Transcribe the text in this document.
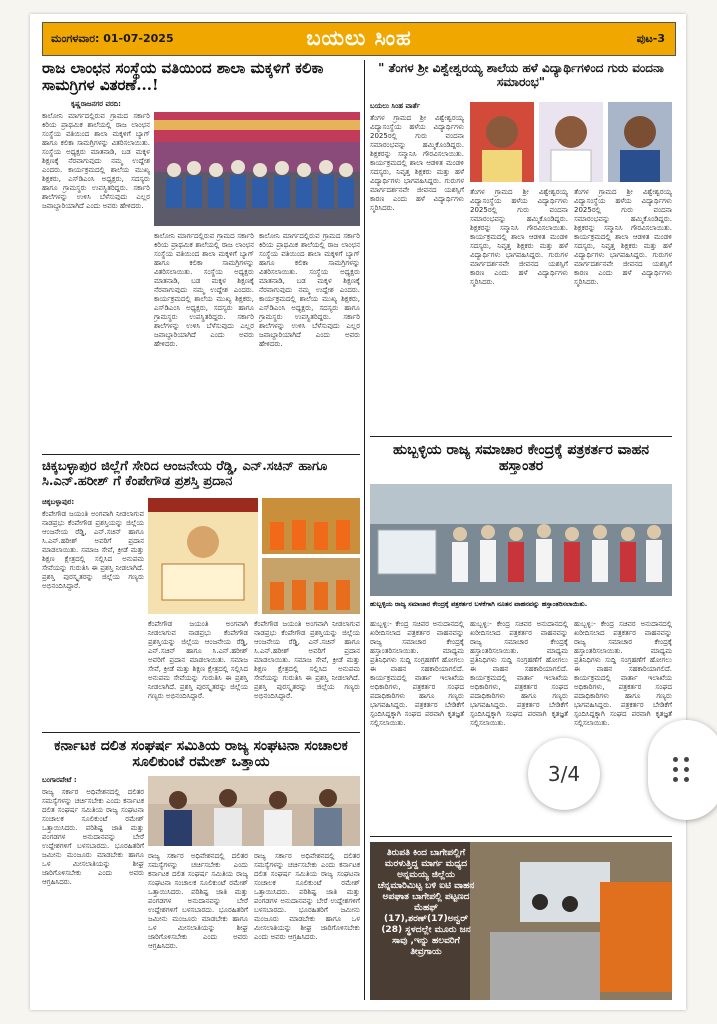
ಮಂಗಳವಾರ: 01-07-2025	ಬಯಲು ಸಿಂಹ	ಪುಟ-3
ರಾಜ ಲಾಂಛನ ಸಂಸ್ಥೆಯ ವತಿಯಿಂದ ಶಾಲಾ ಮಕ್ಕಳಿಗೆ ಕಲಿಕಾ ಸಾಮಗ್ರಿಗಳ ವಿತರಣೆ...!

ಕೃಷ್ಣರಾಜನಗರ ವರದಿ:

ಕಾಲೋನಿ ಮಾರ್ಗದಲ್ಲಿರುವ ಗ್ರಾಮದ ಸರ್ಕಾರಿ ಕಿರಿಯ ಪ್ರಾಥಮಿಕ ಶಾಲೆಯಲ್ಲಿ ರಾಜ ಲಾಂಛನ ಸಂಸ್ಥೆಯ ವತಿಯಿಂದ ಶಾಲಾ ಮಕ್ಕಳಿಗೆ ಬ್ಯಾಗ್ ಹಾಗೂ ಕಲಿಕಾ ಸಾಮಗ್ರಿಗಳನ್ನು ವಿತರಿಸಲಾಯಿತು. ಸಂಸ್ಥೆಯ ಅಧ್ಯಕ್ಷರು ಮಾತನಾಡಿ, ಬಡ ಮಕ್ಕಳ ಶಿಕ್ಷಣಕ್ಕೆ ನೆರವಾಗುವುದು ನಮ್ಮ ಉದ್ದೇಶ ಎಂದರು. ಕಾರ್ಯಕ್ರಮದಲ್ಲಿ ಶಾಲೆಯ ಮುಖ್ಯ ಶಿಕ್ಷಕರು, ಎಸ್‌ಡಿಎಂಸಿ ಅಧ್ಯಕ್ಷರು, ಸದಸ್ಯರು ಹಾಗೂ ಗ್ರಾಮಸ್ಥರು ಉಪಸ್ಥಿತರಿದ್ದರು. ಸರ್ಕಾರಿ ಶಾಲೆಗಳನ್ನು ಉಳಿಸಿ ಬೆಳೆಸುವುದು ಎಲ್ಲರ ಜವಾಬ್ದಾರಿಯಾಗಿದೆ ಎಂದು ಅವರು ಹೇಳಿದರು.

ಕಾಲೋನಿ ಮಾರ್ಗದಲ್ಲಿರುವ ಗ್ರಾಮದ ಸರ್ಕಾರಿ ಕಿರಿಯ ಪ್ರಾಥಮಿಕ ಶಾಲೆಯಲ್ಲಿ ರಾಜ ಲಾಂಛನ ಸಂಸ್ಥೆಯ ವತಿಯಿಂದ ಶಾಲಾ ಮಕ್ಕಳಿಗೆ ಬ್ಯಾಗ್ ಹಾಗೂ ಕಲಿಕಾ ಸಾಮಗ್ರಿಗಳನ್ನು ವಿತರಿಸಲಾಯಿತು. ಸಂಸ್ಥೆಯ ಅಧ್ಯಕ್ಷರು ಮಾತನಾಡಿ, ಬಡ ಮಕ್ಕಳ ಶಿಕ್ಷಣಕ್ಕೆ ನೆರವಾಗುವುದು ನಮ್ಮ ಉದ್ದೇಶ ಎಂದರು. ಕಾರ್ಯಕ್ರಮದಲ್ಲಿ ಶಾಲೆಯ ಮುಖ್ಯ ಶಿಕ್ಷಕರು, ಎಸ್‌ಡಿಎಂಸಿ ಅಧ್ಯಕ್ಷರು, ಸದಸ್ಯರು ಹಾಗೂ ಗ್ರಾಮಸ್ಥರು ಉಪಸ್ಥಿತರಿದ್ದರು. ಸರ್ಕಾರಿ ಶಾಲೆಗಳನ್ನು ಉಳಿಸಿ ಬೆಳೆಸುವುದು ಎಲ್ಲರ ಜವಾಬ್ದಾರಿಯಾಗಿದೆ ಎಂದು ಅವರು ಹೇಳಿದರು.
ಕಾಲೋನಿ ಮಾರ್ಗದಲ್ಲಿರುವ ಗ್ರಾಮದ ಸರ್ಕಾರಿ ಕಿರಿಯ ಪ್ರಾಥಮಿಕ ಶಾಲೆಯಲ್ಲಿ ರಾಜ ಲಾಂಛನ ಸಂಸ್ಥೆಯ ವತಿಯಿಂದ ಶಾಲಾ ಮಕ್ಕಳಿಗೆ ಬ್ಯಾಗ್ ಹಾಗೂ ಕಲಿಕಾ ಸಾಮಗ್ರಿಗಳನ್ನು ವಿತರಿಸಲಾಯಿತು. ಸಂಸ್ಥೆಯ ಅಧ್ಯಕ್ಷರು ಮಾತನಾಡಿ, ಬಡ ಮಕ್ಕಳ ಶಿಕ್ಷಣಕ್ಕೆ ನೆರವಾಗುವುದು ನಮ್ಮ ಉದ್ದೇಶ ಎಂದರು. ಕಾರ್ಯಕ್ರಮದಲ್ಲಿ ಶಾಲೆಯ ಮುಖ್ಯ ಶಿಕ್ಷಕರು, ಎಸ್‌ಡಿಎಂಸಿ ಅಧ್ಯಕ್ಷರು, ಸದಸ್ಯರು ಹಾಗೂ ಗ್ರಾಮಸ್ಥರು ಉಪಸ್ಥಿತರಿದ್ದರು. ಸರ್ಕಾರಿ ಶಾಲೆಗಳನ್ನು ಉಳಿಸಿ ಬೆಳೆಸುವುದು ಎಲ್ಲರ ಜವಾಬ್ದಾರಿಯಾಗಿದೆ ಎಂದು ಅವರು ಹೇಳಿದರು.
" ತೆಂಗಳ ಶ್ರೀ ವಿಶ್ವೇಶ್ವರಯ್ಯ ಶಾಲೆಯ ಹಳೆ ವಿದ್ಯಾರ್ಥಿಗಳಿಂದ ಗುರು ವಂದನಾ ಸಮಾರಂಭ"

ಬಯಲು ಸಿಂಹ ವಾರ್ತೆ

ತೆಂಗಳ ಗ್ರಾಮದ ಶ್ರೀ ವಿಶ್ವೇಶ್ವರಯ್ಯ ವಿದ್ಯಾಸಂಸ್ಥೆಯ ಹಳೆಯ ವಿದ್ಯಾರ್ಥಿಗಳು 2025ರಲ್ಲಿ ಗುರು ವಂದನಾ ಸಮಾರಂಭವನ್ನು ಹಮ್ಮಿಕೊಂಡಿದ್ದರು. ಶಿಕ್ಷಕರನ್ನು ಸನ್ಮಾನಿಸಿ ಗೌರವಿಸಲಾಯಿತು. ಕಾರ್ಯಕ್ರಮದಲ್ಲಿ ಶಾಲಾ ಆಡಳಿತ ಮಂಡಳಿ ಸದಸ್ಯರು, ನಿವೃತ್ತ ಶಿಕ್ಷಕರು ಮತ್ತು ಹಳೆ ವಿದ್ಯಾರ್ಥಿಗಳು ಭಾಗವಹಿಸಿದ್ದರು. ಗುರುಗಳ ಮಾರ್ಗದರ್ಶನವೇ ಜೀವನದ ಯಶಸ್ಸಿಗೆ ಕಾರಣ ಎಂದು ಹಳೆ ವಿದ್ಯಾರ್ಥಿಗಳು ಸ್ಮರಿಸಿದರು.

ತೆಂಗಳ ಗ್ರಾಮದ ಶ್ರೀ ವಿಶ್ವೇಶ್ವರಯ್ಯ ವಿದ್ಯಾಸಂಸ್ಥೆಯ ಹಳೆಯ ವಿದ್ಯಾರ್ಥಿಗಳು 2025ರಲ್ಲಿ ಗುರು ವಂದನಾ ಸಮಾರಂಭವನ್ನು ಹಮ್ಮಿಕೊಂಡಿದ್ದರು. ಶಿಕ್ಷಕರನ್ನು ಸನ್ಮಾನಿಸಿ ಗೌರವಿಸಲಾಯಿತು. ಕಾರ್ಯಕ್ರಮದಲ್ಲಿ ಶಾಲಾ ಆಡಳಿತ ಮಂಡಳಿ ಸದಸ್ಯರು, ನಿವೃತ್ತ ಶಿಕ್ಷಕರು ಮತ್ತು ಹಳೆ ವಿದ್ಯಾರ್ಥಿಗಳು ಭಾಗವಹಿಸಿದ್ದರು. ಗುರುಗಳ ಮಾರ್ಗದರ್ಶನವೇ ಜೀವನದ ಯಶಸ್ಸಿಗೆ ಕಾರಣ ಎಂದು ಹಳೆ ವಿದ್ಯಾರ್ಥಿಗಳು ಸ್ಮರಿಸಿದರು.
ತೆಂಗಳ ಗ್ರಾಮದ ಶ್ರೀ ವಿಶ್ವೇಶ್ವರಯ್ಯ ವಿದ್ಯಾಸಂಸ್ಥೆಯ ಹಳೆಯ ವಿದ್ಯಾರ್ಥಿಗಳು 2025ರಲ್ಲಿ ಗುರು ವಂದನಾ ಸಮಾರಂಭವನ್ನು ಹಮ್ಮಿಕೊಂಡಿದ್ದರು. ಶಿಕ್ಷಕರನ್ನು ಸನ್ಮಾನಿಸಿ ಗೌರವಿಸಲಾಯಿತು. ಕಾರ್ಯಕ್ರಮದಲ್ಲಿ ಶಾಲಾ ಆಡಳಿತ ಮಂಡಳಿ ಸದಸ್ಯರು, ನಿವೃತ್ತ ಶಿಕ್ಷಕರು ಮತ್ತು ಹಳೆ ವಿದ್ಯಾರ್ಥಿಗಳು ಭಾಗವಹಿಸಿದ್ದರು. ಗುರುಗಳ ಮಾರ್ಗದರ್ಶನವೇ ಜೀವನದ ಯಶಸ್ಸಿಗೆ ಕಾರಣ ಎಂದು ಹಳೆ ವಿದ್ಯಾರ್ಥಿಗಳು ಸ್ಮರಿಸಿದರು.
ಚಿಕ್ಕಬಳ್ಳಾಪುರ ಜಿಲ್ಲೆಗೆ ಸೇರಿದ ಆಂಜನೇಯ ರೆಡ್ಡಿ, ಎನ್.ಸಚಿನ್ ಹಾಗೂ ಸಿ.ಎನ್.ಹರೀಶ್ ಗೆ ಕೆಂಪೇಗೌಡ ಪ್ರಶಸ್ತಿ ಪ್ರದಾನ

ಚಿಕ್ಕಬಳ್ಳಾಪುರ:

ಕೆಂಪೇಗೌಡ ಜಯಂತಿ ಅಂಗವಾಗಿ ನೀಡಲಾಗುವ ನಾಡಪ್ರಭು ಕೆಂಪೇಗೌಡ ಪ್ರಶಸ್ತಿಯನ್ನು ಜಿಲ್ಲೆಯ ಆಂಜನೇಯ ರೆಡ್ಡಿ, ಎನ್.ಸಚಿನ್ ಹಾಗೂ ಸಿ.ಎನ್.ಹರೀಶ್ ಅವರಿಗೆ ಪ್ರದಾನ ಮಾಡಲಾಯಿತು. ಸಮಾಜ ಸೇವೆ, ಕ್ರೀಡೆ ಮತ್ತು ಶಿಕ್ಷಣ ಕ್ಷೇತ್ರದಲ್ಲಿ ಸಲ್ಲಿಸಿದ ಅನುಪಮ ಸೇವೆಯನ್ನು ಗುರುತಿಸಿ ಈ ಪ್ರಶಸ್ತಿ ನೀಡಲಾಗಿದೆ. ಪ್ರಶಸ್ತಿ ಪುರಸ್ಕೃತರನ್ನು ಜಿಲ್ಲೆಯ ಗಣ್ಯರು ಅಭಿನಂದಿಸಿದ್ದಾರೆ.

ಕೆಂಪೇಗೌಡ ಜಯಂತಿ ಅಂಗವಾಗಿ ನೀಡಲಾಗುವ ನಾಡಪ್ರಭು ಕೆಂಪೇಗೌಡ ಪ್ರಶಸ್ತಿಯನ್ನು ಜಿಲ್ಲೆಯ ಆಂಜನೇಯ ರೆಡ್ಡಿ, ಎನ್.ಸಚಿನ್ ಹಾಗೂ ಸಿ.ಎನ್.ಹರೀಶ್ ಅವರಿಗೆ ಪ್ರದಾನ ಮಾಡಲಾಯಿತು. ಸಮಾಜ ಸೇವೆ, ಕ್ರೀಡೆ ಮತ್ತು ಶಿಕ್ಷಣ ಕ್ಷೇತ್ರದಲ್ಲಿ ಸಲ್ಲಿಸಿದ ಅನುಪಮ ಸೇವೆಯನ್ನು ಗುರುತಿಸಿ ಈ ಪ್ರಶಸ್ತಿ ನೀಡಲಾಗಿದೆ. ಪ್ರಶಸ್ತಿ ಪುರಸ್ಕೃತರನ್ನು ಜಿಲ್ಲೆಯ ಗಣ್ಯರು ಅಭಿನಂದಿಸಿದ್ದಾರೆ.
ಕೆಂಪೇಗೌಡ ಜಯಂತಿ ಅಂಗವಾಗಿ ನೀಡಲಾಗುವ ನಾಡಪ್ರಭು ಕೆಂಪೇಗೌಡ ಪ್ರಶಸ್ತಿಯನ್ನು ಜಿಲ್ಲೆಯ ಆಂಜನೇಯ ರೆಡ್ಡಿ, ಎನ್.ಸಚಿನ್ ಹಾಗೂ ಸಿ.ಎನ್.ಹರೀಶ್ ಅವರಿಗೆ ಪ್ರದಾನ ಮಾಡಲಾಯಿತು. ಸಮಾಜ ಸೇವೆ, ಕ್ರೀಡೆ ಮತ್ತು ಶಿಕ್ಷಣ ಕ್ಷೇತ್ರದಲ್ಲಿ ಸಲ್ಲಿಸಿದ ಅನುಪಮ ಸೇವೆಯನ್ನು ಗುರುತಿಸಿ ಈ ಪ್ರಶಸ್ತಿ ನೀಡಲಾಗಿದೆ. ಪ್ರಶಸ್ತಿ ಪುರಸ್ಕೃತರನ್ನು ಜಿಲ್ಲೆಯ ಗಣ್ಯರು ಅಭಿನಂದಿಸಿದ್ದಾರೆ.
ಹುಬ್ಬಳ್ಳಿಯ ರಾಜ್ಯ ಸಮಾಚಾರ ಕೇಂದ್ರಕ್ಕೆ ಪತ್ರಕರ್ತರ ವಾಹನ ಹಸ್ತಾಂತರ
ಹುಬ್ಬಳ್ಳಿಯ ರಾಜ್ಯ ಸಮಾಚಾರ ಕೇಂದ್ರಕ್ಕೆ ಪತ್ರಕರ್ತರ ಬಳಕೆಗಾಗಿ ನೂತನ ವಾಹನವನ್ನು ಹಸ್ತಾಂತರಿಸಲಾಯಿತು.
ಹುಬ್ಬಳ್ಳಿ:- ಕೇಂದ್ರ ಸಚಿವರ ಅನುದಾನದಲ್ಲಿ ಖರೀದಿಸಲಾದ ಪತ್ರಕರ್ತರ ವಾಹನವನ್ನು ರಾಜ್ಯ ಸಮಾಚಾರ ಕೇಂದ್ರಕ್ಕೆ ಹಸ್ತಾಂತರಿಸಲಾಯಿತು. ಮಾಧ್ಯಮ ಪ್ರತಿನಿಧಿಗಳು ಸುದ್ದಿ ಸಂಗ್ರಹಣೆಗೆ ಹೋಗಲು ಈ ವಾಹನ ಸಹಕಾರಿಯಾಗಲಿದೆ. ಕಾರ್ಯಕ್ರಮದಲ್ಲಿ ವಾರ್ತಾ ಇಲಾಖೆಯ ಅಧಿಕಾರಿಗಳು, ಪತ್ರಕರ್ತರ ಸಂಘದ ಪದಾಧಿಕಾರಿಗಳು ಹಾಗೂ ಗಣ್ಯರು ಭಾಗವಹಿಸಿದ್ದರು. ಪತ್ರಕರ್ತರ ಬೇಡಿಕೆಗೆ ಸ್ಪಂದಿಸಿದ್ದಕ್ಕಾಗಿ ಸಂಘದ ಪರವಾಗಿ ಕೃತಜ್ಞತೆ ಸಲ್ಲಿಸಲಾಯಿತು.
ಹುಬ್ಬಳ್ಳಿ:- ಕೇಂದ್ರ ಸಚಿವರ ಅನುದಾನದಲ್ಲಿ ಖರೀದಿಸಲಾದ ಪತ್ರಕರ್ತರ ವಾಹನವನ್ನು ರಾಜ್ಯ ಸಮಾಚಾರ ಕೇಂದ್ರಕ್ಕೆ ಹಸ್ತಾಂತರಿಸಲಾಯಿತು. ಮಾಧ್ಯಮ ಪ್ರತಿನಿಧಿಗಳು ಸುದ್ದಿ ಸಂಗ್ರಹಣೆಗೆ ಹೋಗಲು ಈ ವಾಹನ ಸಹಕಾರಿಯಾಗಲಿದೆ. ಕಾರ್ಯಕ್ರಮದಲ್ಲಿ ವಾರ್ತಾ ಇಲಾಖೆಯ ಅಧಿಕಾರಿಗಳು, ಪತ್ರಕರ್ತರ ಸಂಘದ ಪದಾಧಿಕಾರಿಗಳು ಹಾಗೂ ಗಣ್ಯರು ಭಾಗವಹಿಸಿದ್ದರು. ಪತ್ರಕರ್ತರ ಬೇಡಿಕೆಗೆ ಸ್ಪಂದಿಸಿದ್ದಕ್ಕಾಗಿ ಸಂಘದ ಪರವಾಗಿ ಕೃತಜ್ಞತೆ ಸಲ್ಲಿಸಲಾಯಿತು.
ಹುಬ್ಬಳ್ಳಿ:- ಕೇಂದ್ರ ಸಚಿವರ ಅನುದಾನದಲ್ಲಿ ಖರೀದಿಸಲಾದ ಪತ್ರಕರ್ತರ ವಾಹನವನ್ನು ರಾಜ್ಯ ಸಮಾಚಾರ ಕೇಂದ್ರಕ್ಕೆ ಹಸ್ತಾಂತರಿಸಲಾಯಿತು. ಮಾಧ್ಯಮ ಪ್ರತಿನಿಧಿಗಳು ಸುದ್ದಿ ಸಂಗ್ರಹಣೆಗೆ ಹೋಗಲು ಈ ವಾಹನ ಸಹಕಾರಿಯಾಗಲಿದೆ. ಕಾರ್ಯಕ್ರಮದಲ್ಲಿ ವಾರ್ತಾ ಇಲಾಖೆಯ ಅಧಿಕಾರಿಗಳು, ಪತ್ರಕರ್ತರ ಸಂಘದ ಪದಾಧಿಕಾರಿಗಳು ಹಾಗೂ ಗಣ್ಯರು ಭಾಗವಹಿಸಿದ್ದರು. ಪತ್ರಕರ್ತರ ಬೇಡಿಕೆಗೆ ಸ್ಪಂದಿಸಿದ್ದಕ್ಕಾಗಿ ಸಂಘದ ಪರವಾಗಿ ಕೃತಜ್ಞತೆ ಸಲ್ಲಿಸಲಾಯಿತು.
ಕರ್ನಾಟಕ ದಲಿತ ಸಂಘರ್ಷ ಸಮಿತಿಯ ರಾಜ್ಯ ಸಂಘಟನಾ ಸಂಚಾಲಕ ಸೂಲಿಕುಂಟೆ ರಮೇಶ್ ಒತ್ತಾಯ

ಬಂಗಾರಪೇಟೆ :

ರಾಜ್ಯ ಸರ್ಕಾರ ಅಧಿವೇಶನದಲ್ಲಿ ದಲಿತರ ಸಮಸ್ಯೆಗಳನ್ನು ಚರ್ಚಿಸಬೇಕು ಎಂದು ಕರ್ನಾಟಕ ದಲಿತ ಸಂಘರ್ಷ ಸಮಿತಿಯ ರಾಜ್ಯ ಸಂಘಟನಾ ಸಂಚಾಲಕ ಸೂಲಿಕುಂಟೆ ರಮೇಶ್ ಒತ್ತಾಯಿಸಿದರು. ಪರಿಶಿಷ್ಟ ಜಾತಿ ಮತ್ತು ಪಂಗಡಗಳ ಅನುದಾನವನ್ನು ಬೇರೆ ಉದ್ದೇಶಗಳಿಗೆ ಬಳಸಬಾರದು. ಭೂರಹಿತರಿಗೆ ಜಮೀನು ಮಂಜೂರು ಮಾಡಬೇಕು ಹಾಗೂ ಒಳ ಮೀಸಲಾತಿಯನ್ನು ಶೀಘ್ರ ಜಾರಿಗೊಳಿಸಬೇಕು ಎಂದು ಅವರು ಆಗ್ರಹಿಸಿದರು.

ರಾಜ್ಯ ಸರ್ಕಾರ ಅಧಿವೇಶನದಲ್ಲಿ ದಲಿತರ ಸಮಸ್ಯೆಗಳನ್ನು ಚರ್ಚಿಸಬೇಕು ಎಂದು ಕರ್ನಾಟಕ ದಲಿತ ಸಂಘರ್ಷ ಸಮಿತಿಯ ರಾಜ್ಯ ಸಂಘಟನಾ ಸಂಚಾಲಕ ಸೂಲಿಕುಂಟೆ ರಮೇಶ್ ಒತ್ತಾಯಿಸಿದರು. ಪರಿಶಿಷ್ಟ ಜಾತಿ ಮತ್ತು ಪಂಗಡಗಳ ಅನುದಾನವನ್ನು ಬೇರೆ ಉದ್ದೇಶಗಳಿಗೆ ಬಳಸಬಾರದು. ಭೂರಹಿತರಿಗೆ ಜಮೀನು ಮಂಜೂರು ಮಾಡಬೇಕು ಹಾಗೂ ಒಳ ಮೀಸಲಾತಿಯನ್ನು ಶೀಘ್ರ ಜಾರಿಗೊಳಿಸಬೇಕು ಎಂದು ಅವರು ಆಗ್ರಹಿಸಿದರು.
ರಾಜ್ಯ ಸರ್ಕಾರ ಅಧಿವೇಶನದಲ್ಲಿ ದಲಿತರ ಸಮಸ್ಯೆಗಳನ್ನು ಚರ್ಚಿಸಬೇಕು ಎಂದು ಕರ್ನಾಟಕ ದಲಿತ ಸಂಘರ್ಷ ಸಮಿತಿಯ ರಾಜ್ಯ ಸಂಘಟನಾ ಸಂಚಾಲಕ ಸೂಲಿಕುಂಟೆ ರಮೇಶ್ ಒತ್ತಾಯಿಸಿದರು. ಪರಿಶಿಷ್ಟ ಜಾತಿ ಮತ್ತು ಪಂಗಡಗಳ ಅನುದಾನವನ್ನು ಬೇರೆ ಉದ್ದೇಶಗಳಿಗೆ ಬಳಸಬಾರದು. ಭೂರಹಿತರಿಗೆ ಜಮೀನು ಮಂಜೂರು ಮಾಡಬೇಕು ಹಾಗೂ ಒಳ ಮೀಸಲಾತಿಯನ್ನು ಶೀಘ್ರ ಜಾರಿಗೊಳಿಸಬೇಕು ಎಂದು ಅವರು ಆಗ್ರಹಿಸಿದರು.
ತಿರುಪತಿ ಕಿಂದ ಬಾಗೇಪಲ್ಲಿಗೆ ಮರಳುತ್ತಿದ್ದ ಮಾರ್ಗ ಮಧ್ಯದ ಅನ್ನಮಯ್ಯ ಜಿಲ್ಲೆಯ ಚೆನ್ನಮಾರಿಮಿಟ್ಟ ಬಳಿ ಐಟಿ ವಾಹನ ಅಪಘಾತ ಬಾಗೇಪಲ್ಲಿ ಪಟ್ಟಣದ ಮೆಹಫ್ (17),ಶರಣ್(17)ಅನ್ವರ್ (28) ಸ್ಥಳದಲ್ಲೇ ಮೂರು ಜನ ಸಾವು ,ಇನ್ನು ಹಲವರಿಗೆ ತೀವ್ರಗಾಯ
3/4
